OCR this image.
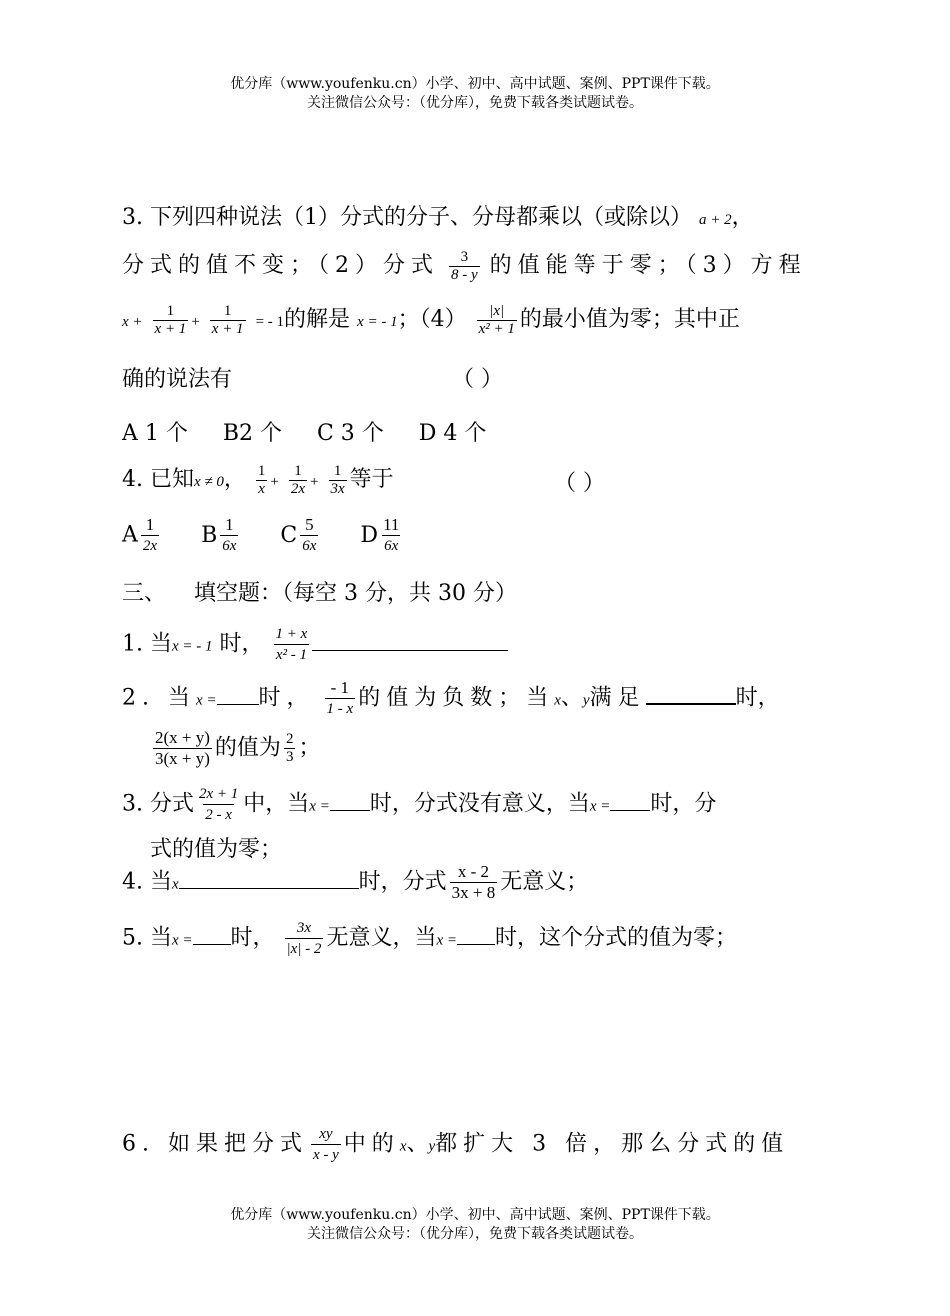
优分库（www.youfenku.cn）小学、初中、高中试题、案例、PPT课件下载。
关注微信公众号：（优分库），免费下载各类试题试卷。
3. 下列四种说法（1）分式的分子、分母都乘以（或除以） a + 2，
分式的值不变；（2）分式 $\frac{3}{8 - y}$ 的值能等于零；（3）方程
$x + \frac{1}{x + 1} + \frac{1}{x + 1}$ = - 1的解是 x = - 1；$(4) \frac{|x|}{\text{x² + 1}}$ 的最小值为零；其中正
确的说法有	（ ）
A 1 个     B2 个     C 3 个     D 4 个
4. 已知x ≠ 0， $\frac{1}{x} + \frac{1}{2x} + \frac{1}{3x}$ 等于	（ ）
A $\frac{1}{2x}$ B $\frac{1}{6x}$ C $\frac{5}{6x}$ D $\frac{11}{6x}$
三、    填空题：（每空 3 分，共 30 分）
1. 当x = - 1 时， $\frac{1 + x}{\text{x² - 1}}$
2. 当x = 时， $\frac{- 1}{1 - x}$ 的值为负数；当x、y满足	时，
$\frac{2(x + y)}{3(x + y)}$ 的值为 $\frac{2}{3}$ ；
3. 分式 $\frac{2x + 1}{2 - x}$ 中，当x = 时，分式没有意义，当x = 时，分
式的值为零；
4. 当x	时，分式 $\frac{x - 2}{3x + 8}$ 无意义；
5. 当x = 时， $\frac{3x}{|x| - 2}$ 无意义，当x = 时，这个分式的值为零；
6. 如果把分式 $\frac{xy}{x - y}$ 中的x、y都扩大 3 倍，那么分式的值
优分库（www.youfenku.cn）小学、初中、高中试题、案例、PPT课件下载。
关注微信公众号：（优分库），免费下载各类试题试卷。
